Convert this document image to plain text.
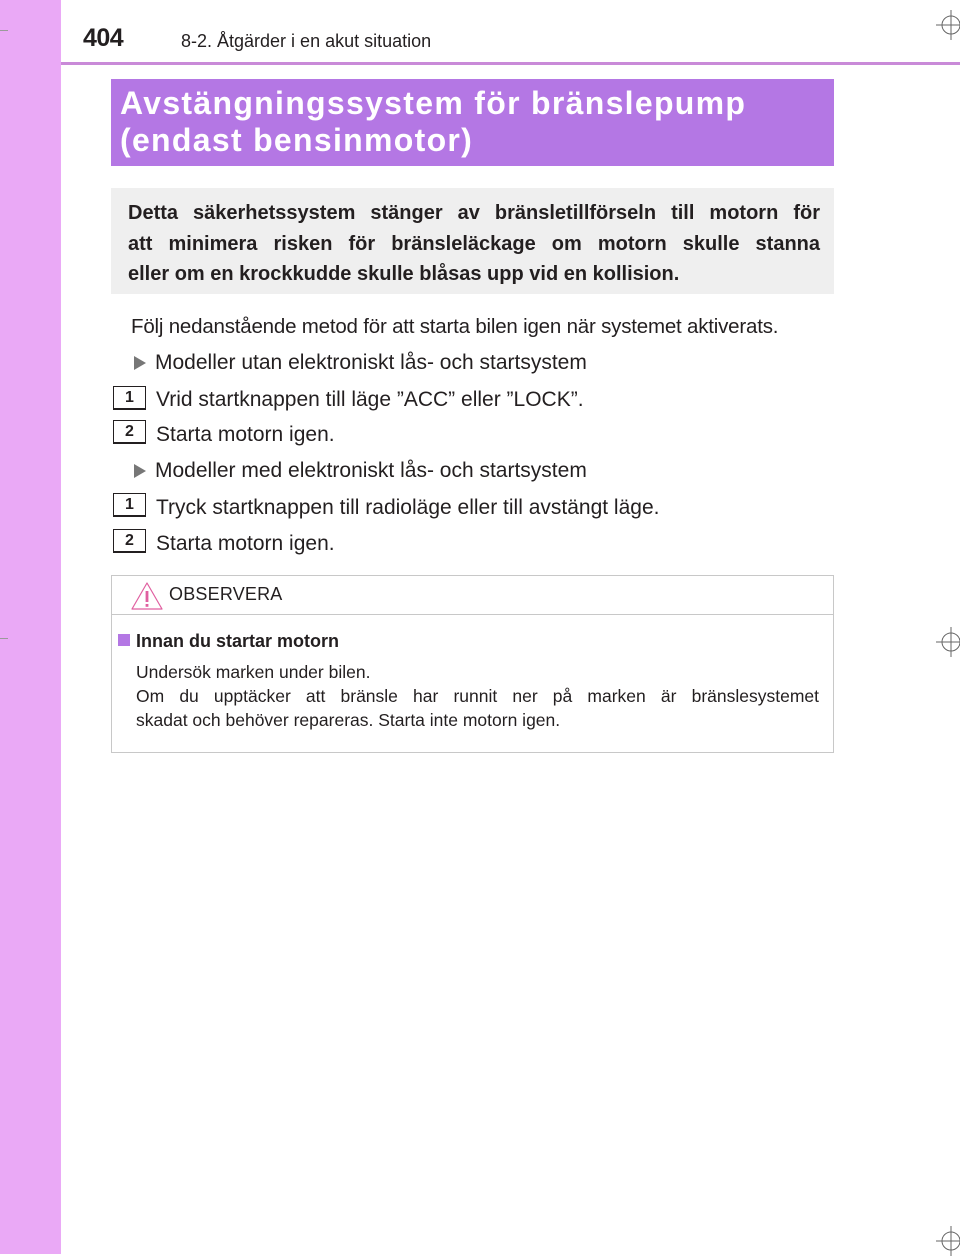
404	8-2. Åtgärder i en akut situation
Avstängningssystem för bränslepump
(endast bensinmotor)
Detta säkerhetssystem stänger av bränsletillförseln till motorn för
att minimera risken för bränsleläckage om motorn skulle stanna
eller om en krockkudde skulle blåsas upp vid en kollision.
Följ nedanstående metod för att starta bilen igen när systemet aktiverats.
Modeller utan elektroniskt lås- och startsystem
1	Vrid startknappen till läge ”ACC” eller ”LOCK”.
2	Starta motorn igen.
Modeller med elektroniskt lås- och startsystem
1	Tryck startknappen till radioläge eller till avstängt läge.
2	Starta motorn igen.
OBSERVERA
Innan du startar motorn
Undersök marken under bilen.
Om du upptäcker att bränsle har runnit ner på marken är bränslesystemet
skadat och behöver repareras. Starta inte motorn igen.
